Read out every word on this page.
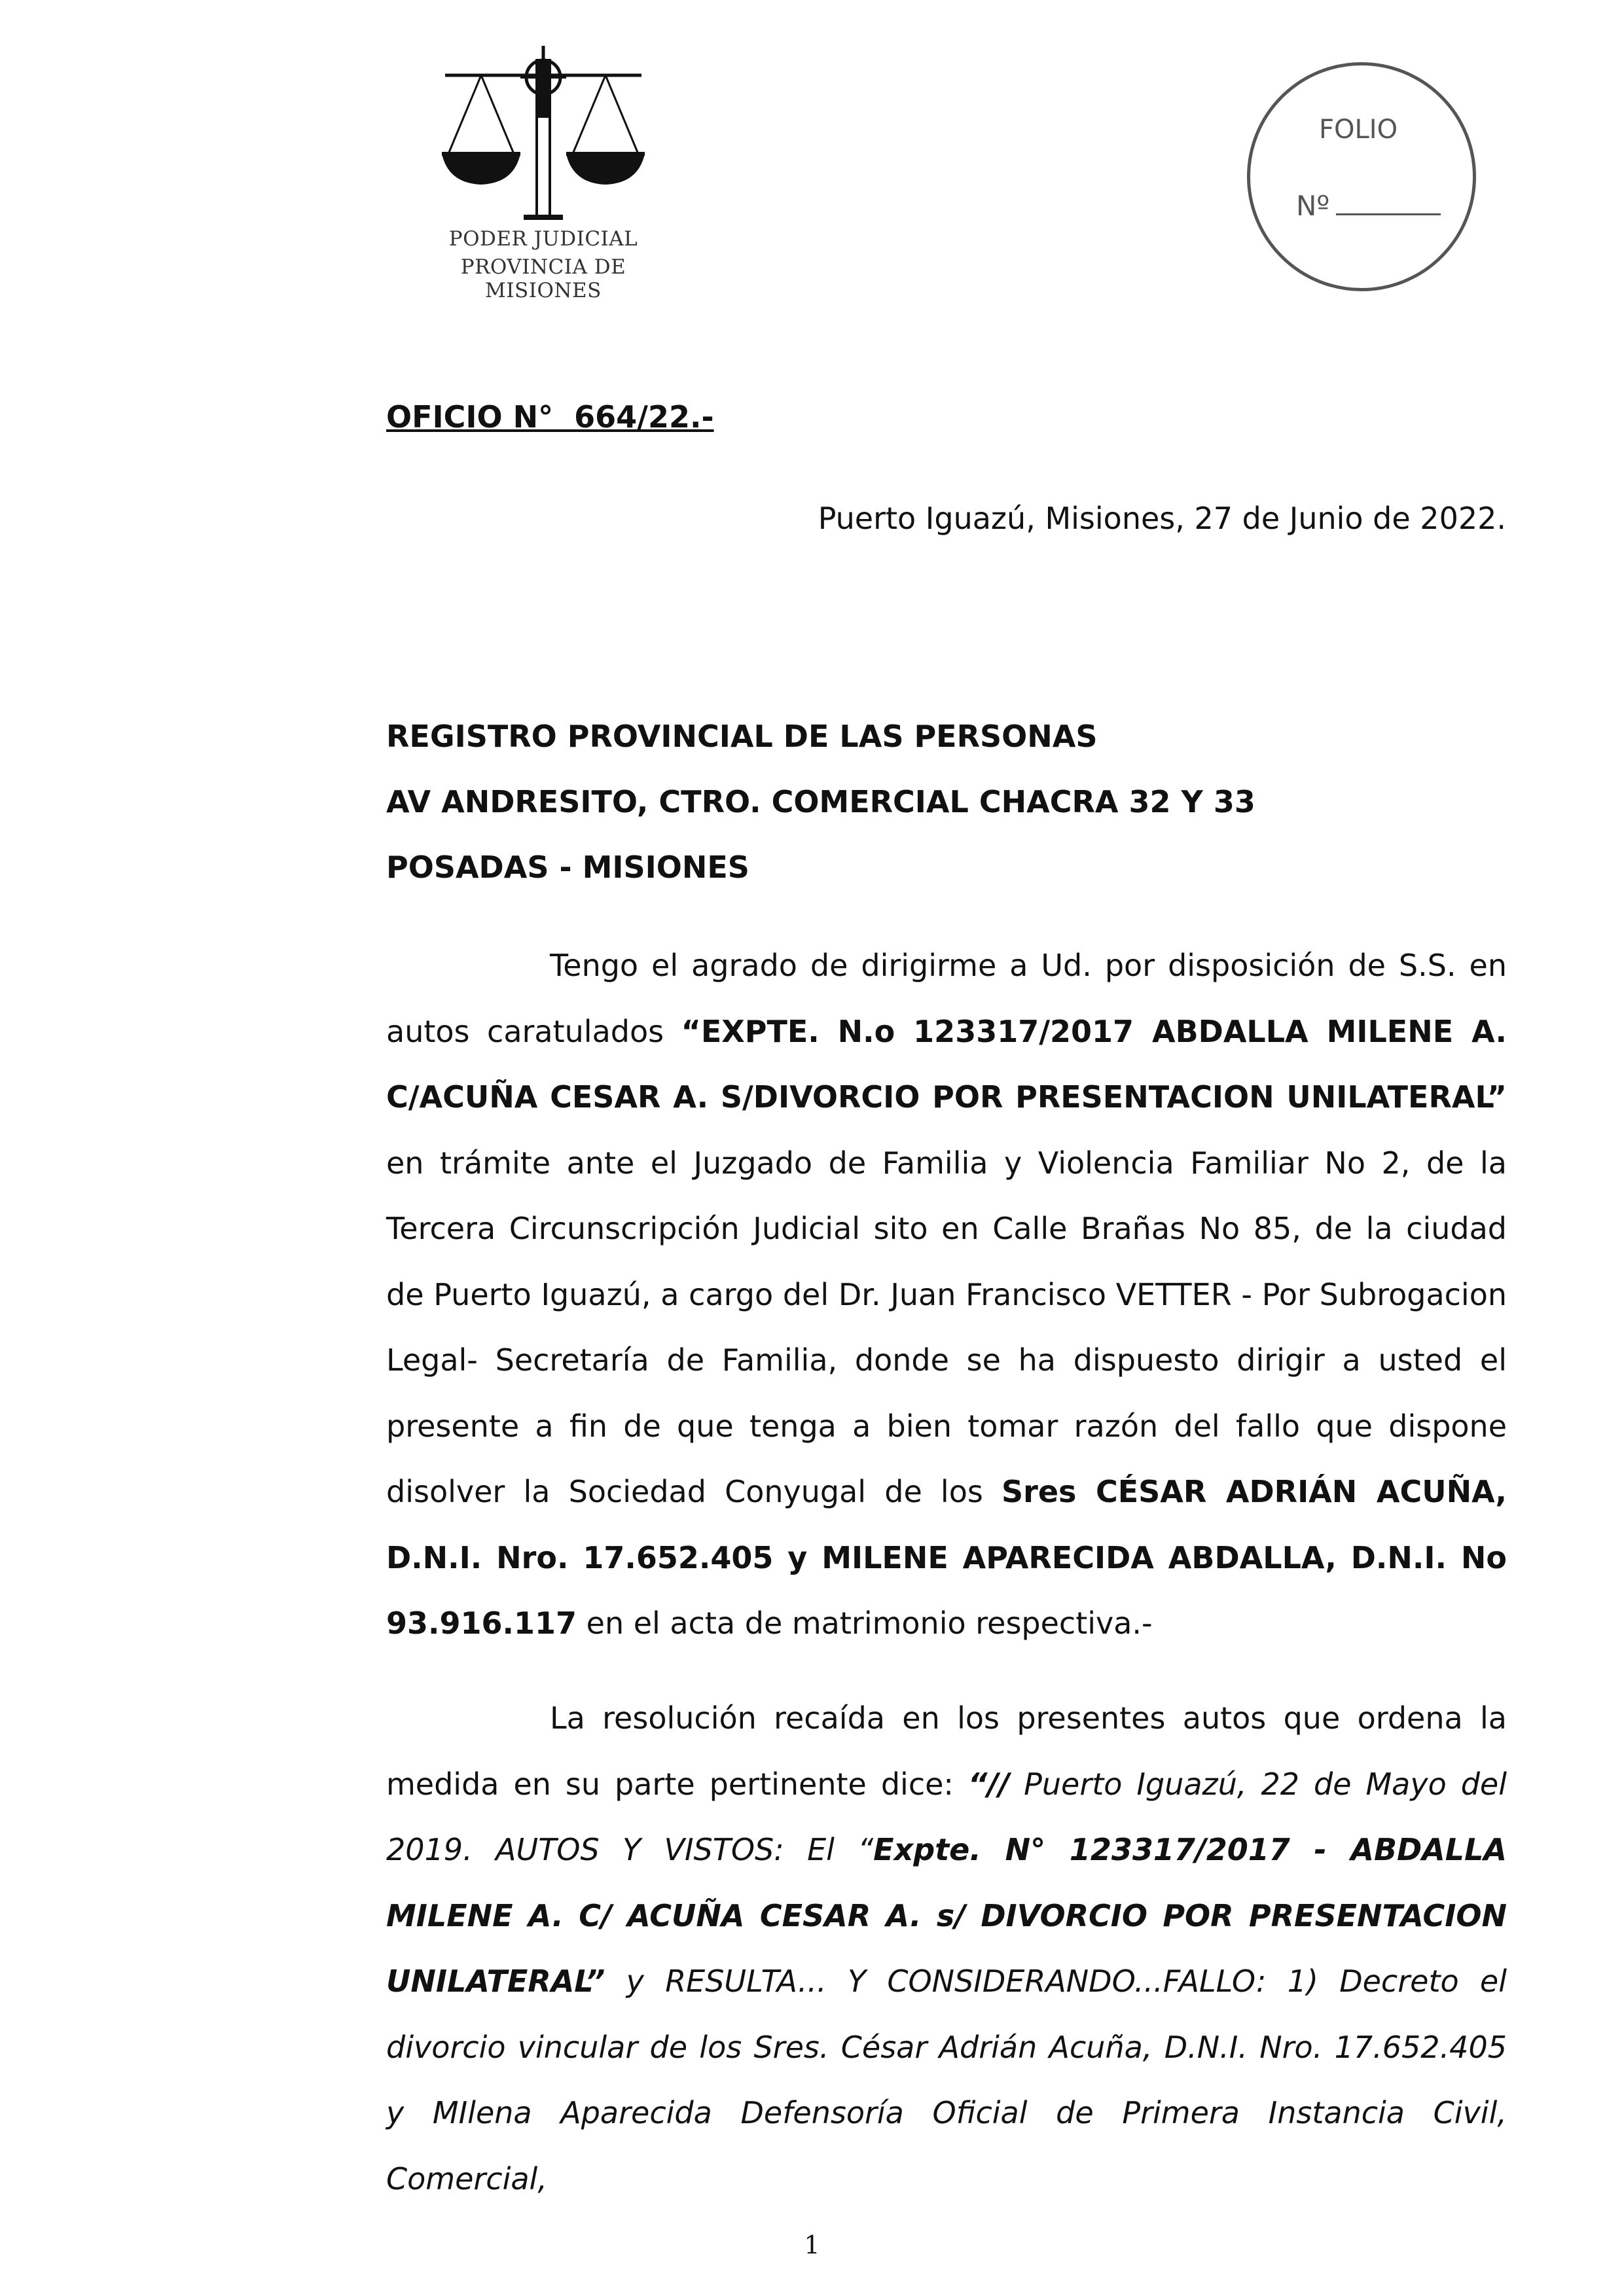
PODER JUDICIAL
PROVINCIA DE MISIONES
FOLIO
Nº
OFICIO N°  664/22.-
Puerto Iguazú, Misiones, 27 de Junio de 2022.
REGISTRO PROVINCIAL DE LAS PERSONAS
AV ANDRESITO, CTRO. COMERCIAL CHACRA 32 Y 33
POSADAS - MISIONES
Tengo el agrado de dirigirme a Ud. por disposición de S.S. en autos caratulados “EXPTE. N.o 123317/2017 ABDALLA MILENE A. C/ACUÑA CESAR A. S/DIVORCIO POR PRESENTACION UNILATERAL” en trámite ante el Juzgado de Familia y Violencia Familiar No 2, de la Tercera Circunscripción Judicial sito en Calle Brañas No 85, de la ciudad de Puerto Iguazú, a cargo del Dr. Juan Francisco VETTER - Por Subrogacion Legal- Secretaría de Familia, donde se ha dispuesto dirigir a usted el presente a fin de que tenga a bien tomar razón del fallo que dispone disolver la Sociedad Conyugal de los Sres CÉSAR ADRIÁN ACUÑA, D.N.I. Nro. 17.652.405 y MILENE APARECIDA ABDALLA, D.N.I. No 93.916.117 en el acta de matrimonio respectiva.-
La resolución recaída en los presentes autos que ordena la medida en su parte pertinente dice: “// Puerto Iguazú, 22 de Mayo del 2019. AUTOS Y VISTOS: El “Expte. N° 123317/2017 - ABDALLA MILENE A. C/ ACUÑA CESAR A. s/ DIVORCIO POR PRESENTACION UNILATERAL” y RESULTA... Y CONSIDERANDO...FALLO: 1) Decreto el divorcio vincular de los Sres. César Adrián Acuña, D.N.I. Nro. 17.652.405 y MIlena Aparecida Defensoría Oficial de Primera Instancia Civil, Comercial,
1
